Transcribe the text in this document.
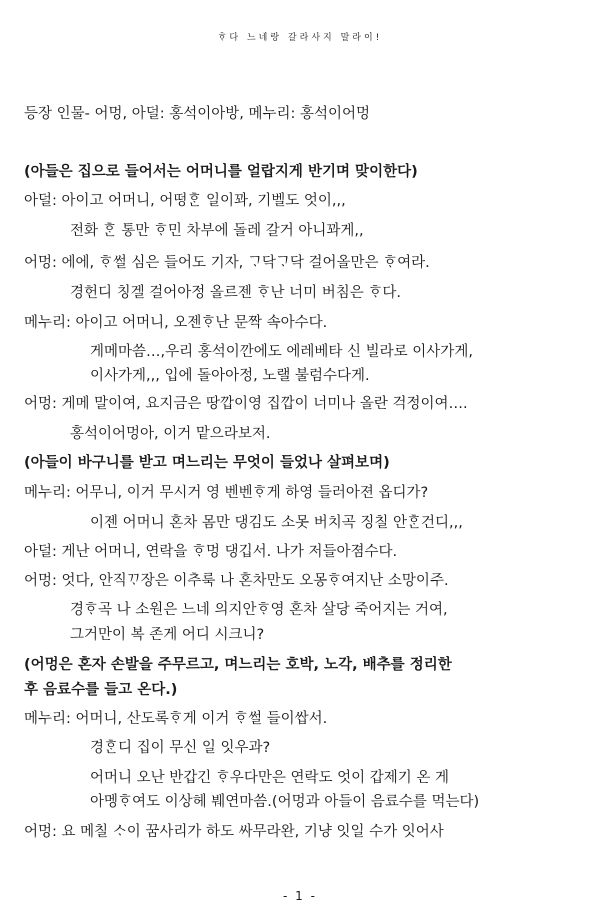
ᄒᆞ다 느네랑 갈라사지 말라이!
등장 인물- 어멍, 아덜: 홍석이아방, 메누리: 홍석이어멍
(아들은 집으로 들어서는 어머니를 얼랍지게 반기며 맞이한다)
아덜: 아이고 어머니, 어떵ᄒᆞᆫ 일이꽈, 기벨도 엇이,,,
전화 ᄒᆞᆫ 통만 ᄒᆞ민 차부에 돌레 갈거 아니꽈게,,
어멍: 에에, ᄒᆞ썰 심은 들어도 기자, ᄀᆞ닥ᄀᆞ닥 걸어올만은 ᄒᆞ여라.
경헌디 칭겔 걸어아정 올르젠 ᄒᆞ난 너미 버침은 ᄒᆞ다.
메누리: 아이고 어머니, 오젠ᄒᆞ난 문짝 속아수다.
게메마씀…,우리 홍석이깐에도 에레베타 신 빌라로 이사가게,
이사가게,,, 입에 돌아아정, 노랠 불럼수다게.
어멍: 게메 말이여, 요지금은 땅깝이영 집깝이 너미나 올란 걱정이여….
홍석이어멍아, 이거 맡으라보저.
(아들이 바구니를 받고 며느리는 무엇이 들었나 살펴보며)
메누리: 어무니, 이거 무시거 영 벤벤ᄒᆞ게 하영 들러아젼 옵디가?
이젠 어머니 혼차 몸만 댕김도 소못 버치곡 징칠 안ᄒᆞᆫ건디,,,
아덜: 게난 어머니, 연락을 ᄒᆞ멍 댕깁서. 나가 저들아졈수다.
어멍: 엇다, 안직ᄁᆞ장은 이추룩 나 혼차만도 오몽ᄒᆞ여지난 소망이주.
경ᄒᆞ곡 나 소원은 느네 의지안ᄒᆞ영 혼차 살당 죽어지는 거여,
그거만이 복 존게 어디 시크니?
(어멍은 혼자 손발을 주무르고, 며느리는 호박, 노각, 배추를 정리한
후 음료수를 들고 온다.)
메누리: 어머니, 산도록ᄒᆞ게 이거 ᄒᆞ썰 들이쌉서.
경ᄒᆞᆫ디 집이 무신 일 잇우과?
어머니 오난 반갑긴 ᄒᆞ우다만은 연락도 엇이 갑제기 온 게
아멩ᄒᆞ여도 이상헤 붸연마씀.(어멍과 아들이 음료수를 먹는다)
어멍: 요 메칠 ᄉᆞ이 꿈사리가 하도 싸무라완, 기냥 잇일 수가 잇어사
- 1 -
